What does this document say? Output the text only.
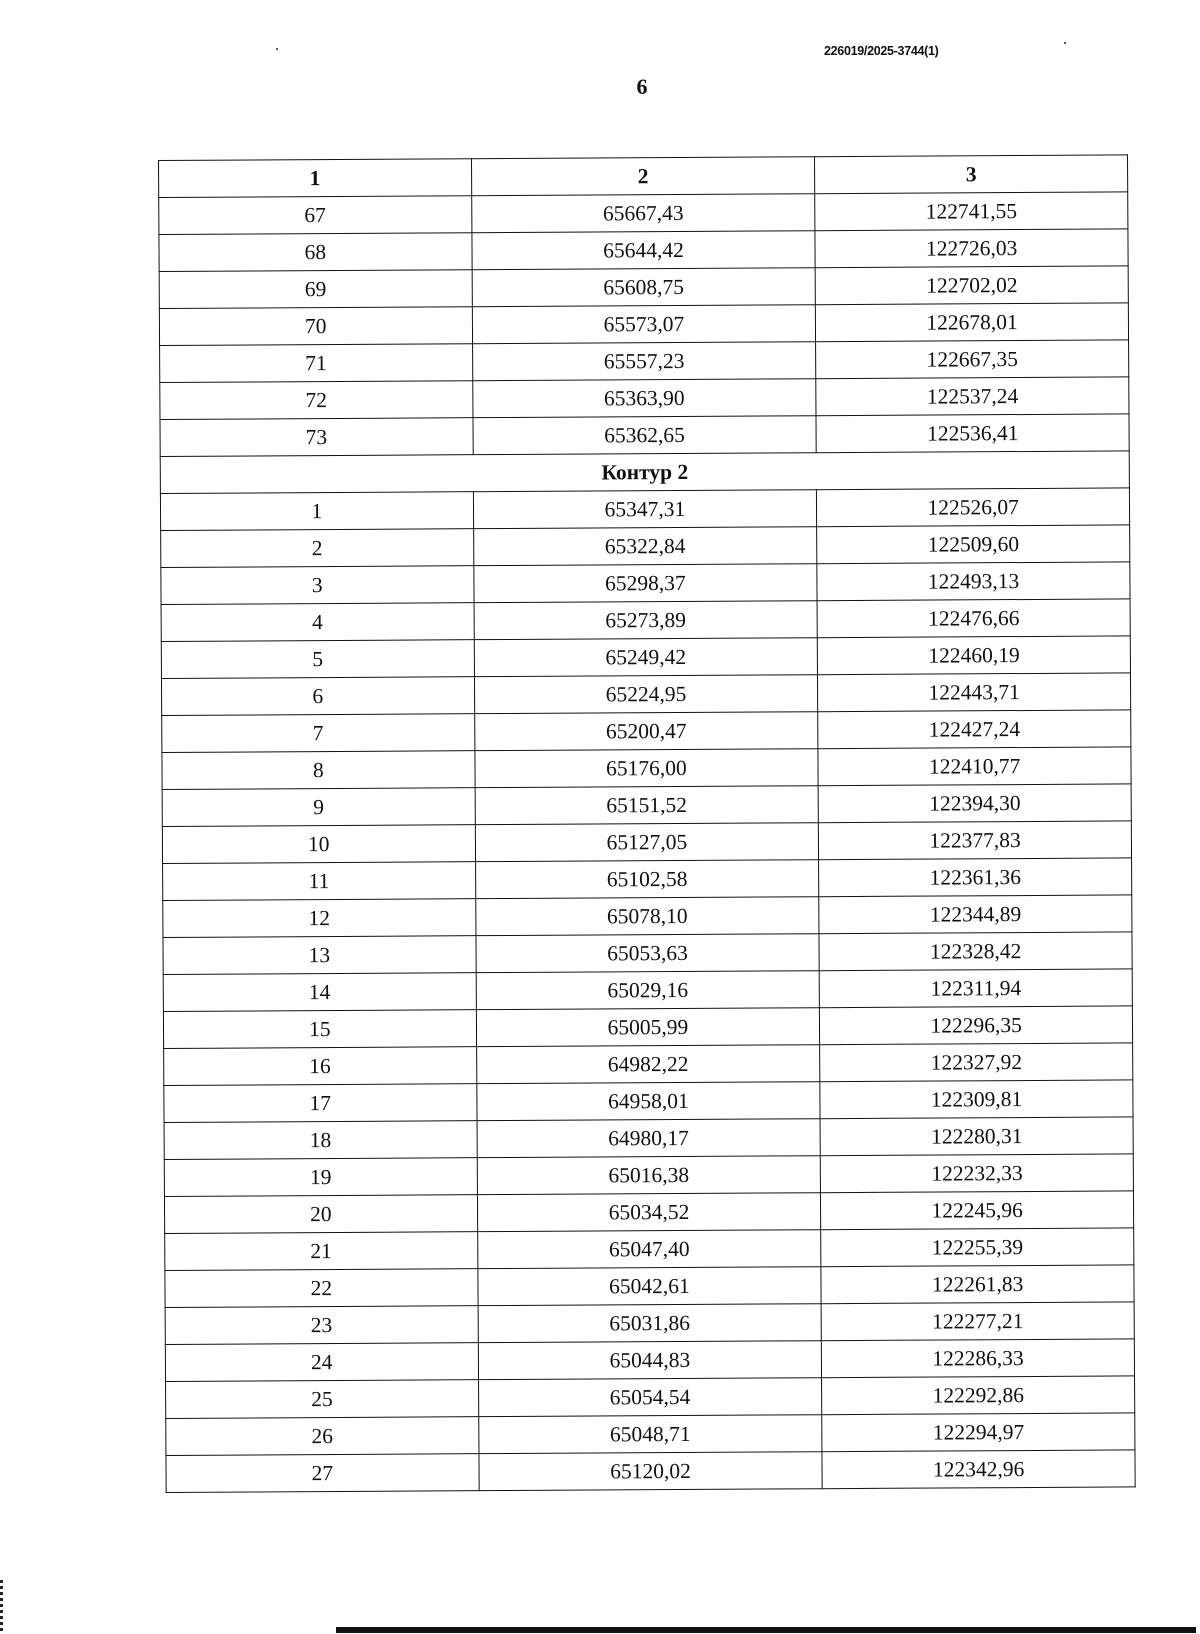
226019/2025-3744(1)
6
1	2	3
67	65667,43	122741,55
68	65644,42	122726,03
69	65608,75	122702,02
70	65573,07	122678,01
71	65557,23	122667,35
72	65363,90	122537,24
73	65362,65	122536,41
Контур 2		
1	65347,31	122526,07
2	65322,84	122509,60
3	65298,37	122493,13
4	65273,89	122476,66
5	65249,42	122460,19
6	65224,95	122443,71
7	65200,47	122427,24
8	65176,00	122410,77
9	65151,52	122394,30
10	65127,05	122377,83
11	65102,58	122361,36
12	65078,10	122344,89
13	65053,63	122328,42
14	65029,16	122311,94
15	65005,99	122296,35
16	64982,22	122327,92
17	64958,01	122309,81
18	64980,17	122280,31
19	65016,38	122232,33
20	65034,52	122245,96
21	65047,40	122255,39
22	65042,61	122261,83
23	65031,86	122277,21
24	65044,83	122286,33
25	65054,54	122292,86
26	65048,71	122294,97
27	65120,02	122342,96
